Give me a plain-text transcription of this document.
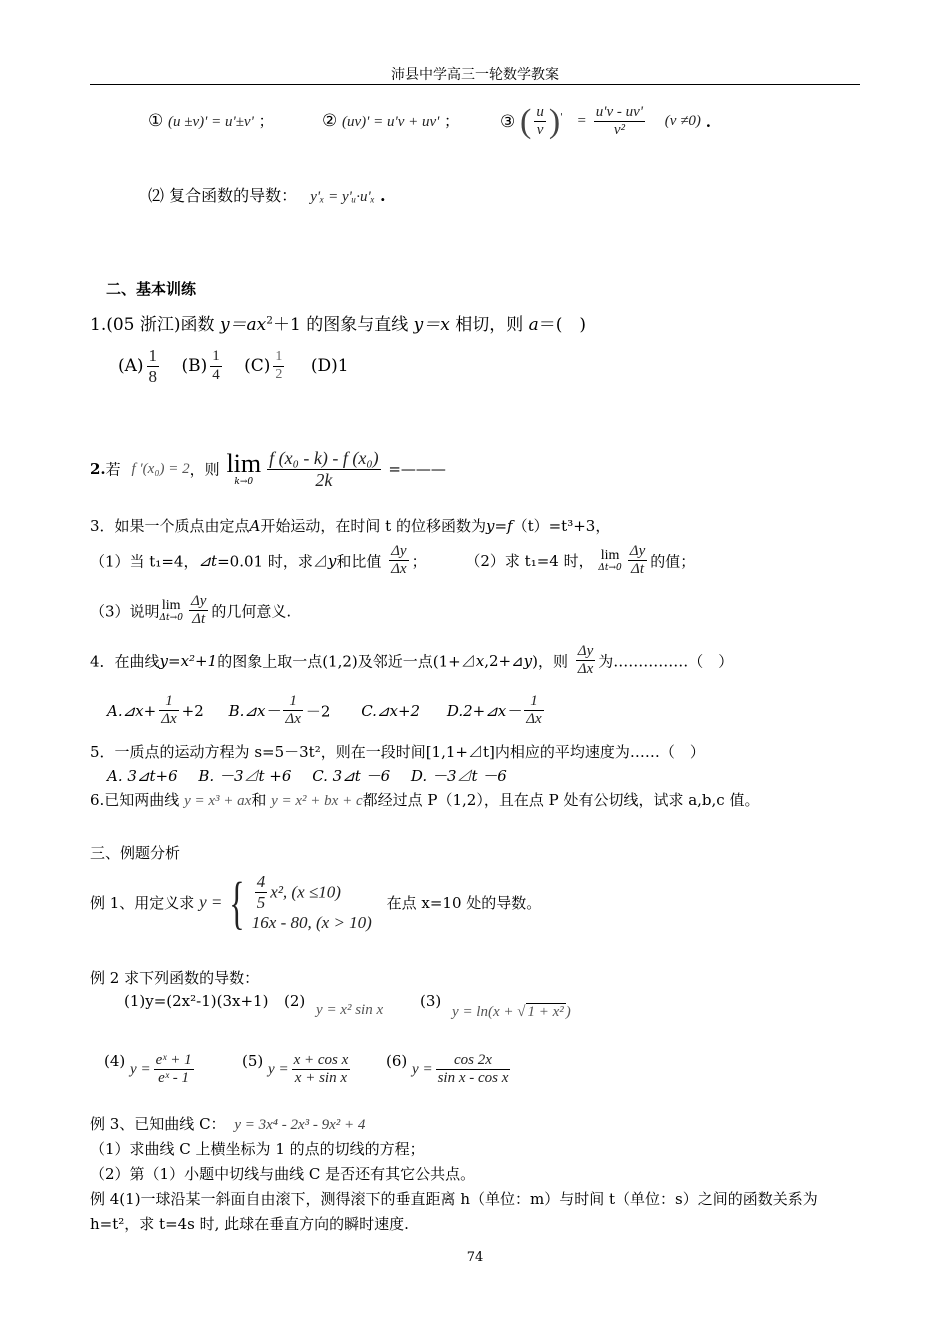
沛县中学高三一轮数学教案
① (u ±v)' = u'±v' ；	② (uv)' = u'v + uv' ； ③ ( $\frac{u}{v} )' = \frac{u'v - uv'}{\text{v²}} (v \ne 0)$ .
⑵ 复合函数的导数： y'ₓ = y'ᵤ·u'ₓ .
二、基本训练
1.(05 浙江)函数 $y=ax^2+1$ 的图象与直线 y＝x 相切，则 a＝(　)
$(A) \frac{1}{8} (B) \frac{1}{4} (C) \frac{1}{2} (D)1$
2.若 f ′(x₀) = 2，则 lim
$k\to 0 \frac{\text{f (x₀ - k) - f (x₀)}}{2k}$ =———
3．如果一个质点由定点A开始运动，在时间 t 的位移函数为y=f（t）=t³+3，
（1）当 t₁=4，⊿t=0.01 时，求⊿y和比值 $\frac{\Delta y}{\Delta x}$ ；	（2）求 t₁=4 时， lim
$\Delta t\to 0 \frac{\Delta y}{\Delta t}$ 的值；
（3）说明 lim
$\Delta t\to 0 \frac{\Delta y}{\Delta t}$ 的几何意义.
4．在曲线y=x²+1的图象上取一点(1,2)及邻近一点(1+⊿x,2+⊿y)，则 $\frac{\Delta y}{\Delta x}$ 为……………（　）
A.⊿x+ $\frac{1}{\Delta x} +2$ B.⊿x－ $\frac{1}{\Delta x} -2$ C.⊿x+2 D.2+⊿x－ $\frac{1}{\Delta x}$
5．一质点的运动方程为 s=5－3t²，则在一段时间[1,1+⊿t]内相应的平均速度为……（　）
A. 3⊿t+6 B. －3⊿t +6 C. 3⊿t －6 D. －3⊿t －6
6.已知两曲线 y = x³ + ax和 y = x² + bx + c都经过点 P（1,2），且在点 P 处有公切线，试求 a,b,c 值。
三、例题分析
例 1、用定义求 y = { $\frac{4}{5} x^2$, (x ≤10)
16x - 80, (x > 10)
在点 x=10 处的导数。
例 2 求下列函数的导数：
(1)y=(2x²-1)(3x+1) (2) y = x² sin x (3) y = ln(x + √ 1 + x² )
(4) $y = \frac{\text{eˣ + 1}}{\text{eˣ - 1}}$	(5) $y = \frac{\text{x + cos x}}{\text{x + sin x}} (6) y = \frac{\cos 2x}{\text{sin x - cos x}}$
例 3、已知曲线 C： y = 3x⁴ - 2x³ - 9x² + 4
（1）求曲线 C 上横坐标为 1 的点的切线的方程；
（2）第（1）小题中切线与曲线 C 是否还有其它公共点。
例 4(1)一球沿某一斜面自由滚下，测得滚下的垂直距离 h（单位：m）与时间 t（单位：s）之间的函数关系为
h=t²，求 t=4s 时, 此球在垂直方向的瞬时速度.
74
